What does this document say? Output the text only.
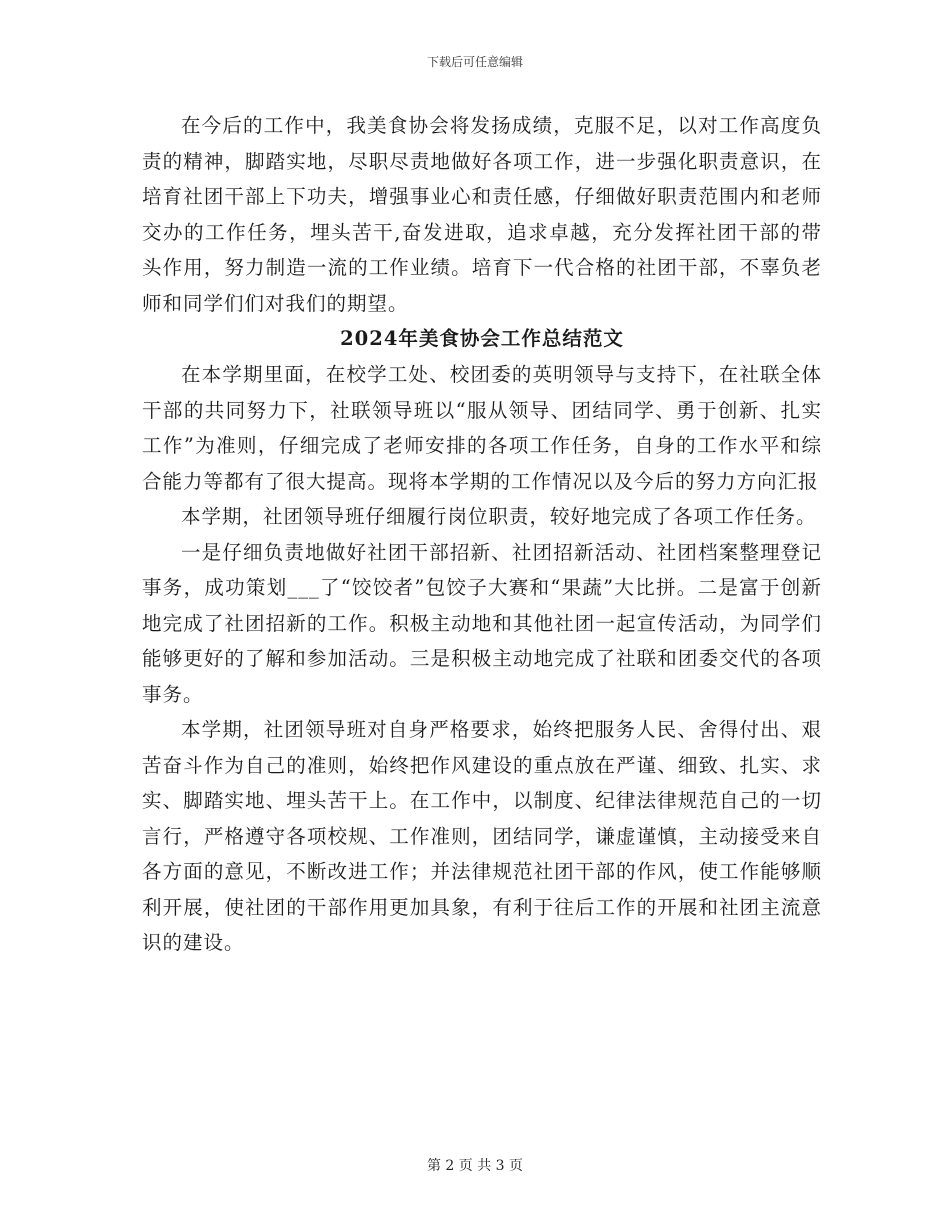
下载后可任意编辑

在今后的工作中，我美食协会将发扬成绩，克服不足，以对工作高度负责的精神，脚踏实地，尽职尽责地做好各项工作，进一步强化职责意识，在培育社团干部上下功夫，增强事业心和责任感，仔细做好职责范围内和老师交办的工作任务，埋头苦干,奋发进取，追求卓越，充分发挥社团干部的带头作用，努力制造一流的工作业绩。培育下一代合格的社团干部，不辜负老师和同学们们对我们的期望。

2024年美食协会工作总结范文

在本学期里面，在校学工处、校团委的英明领导与支持下，在社联全体干部的共同努力下，社联领导班以“服从领导、团结同学、勇于创新、扎实工作”为准则，仔细完成了老师安排的各项工作任务，自身的工作水平和综合能力等都有了很大提高。现将本学期的工作情况以及今后的努力方向汇报

本学期，社团领导班仔细履行岗位职责，较好地完成了各项工作任务。

一是仔细负责地做好社团干部招新、社团招新活动、社团档案整理登记事务，成功策划___了“饺饺者”包饺子大赛和“果蔬”大比拼。二是富于创新地完成了社团招新的工作。积极主动地和其他社团一起宣传活动，为同学们能够更好的了解和参加活动。三是积极主动地完成了社联和团委交代的各项事务。

本学期，社团领导班对自身严格要求，始终把服务人民、舍得付出、艰苦奋斗作为自己的准则，始终把作风建设的重点放在严谨、细致、扎实、求实、脚踏实地、埋头苦干上。在工作中，以制度、纪律法律规范自己的一切言行，严格遵守各项校规、工作准则，团结同学，谦虚谨慎，主动接受来自各方面的意见，不断改进工作；并法律规范社团干部的作风，使工作能够顺利开展，使社团的干部作用更加具象，有利于往后工作的开展和社团主流意识的建设。

第 2 页 共 3 页
